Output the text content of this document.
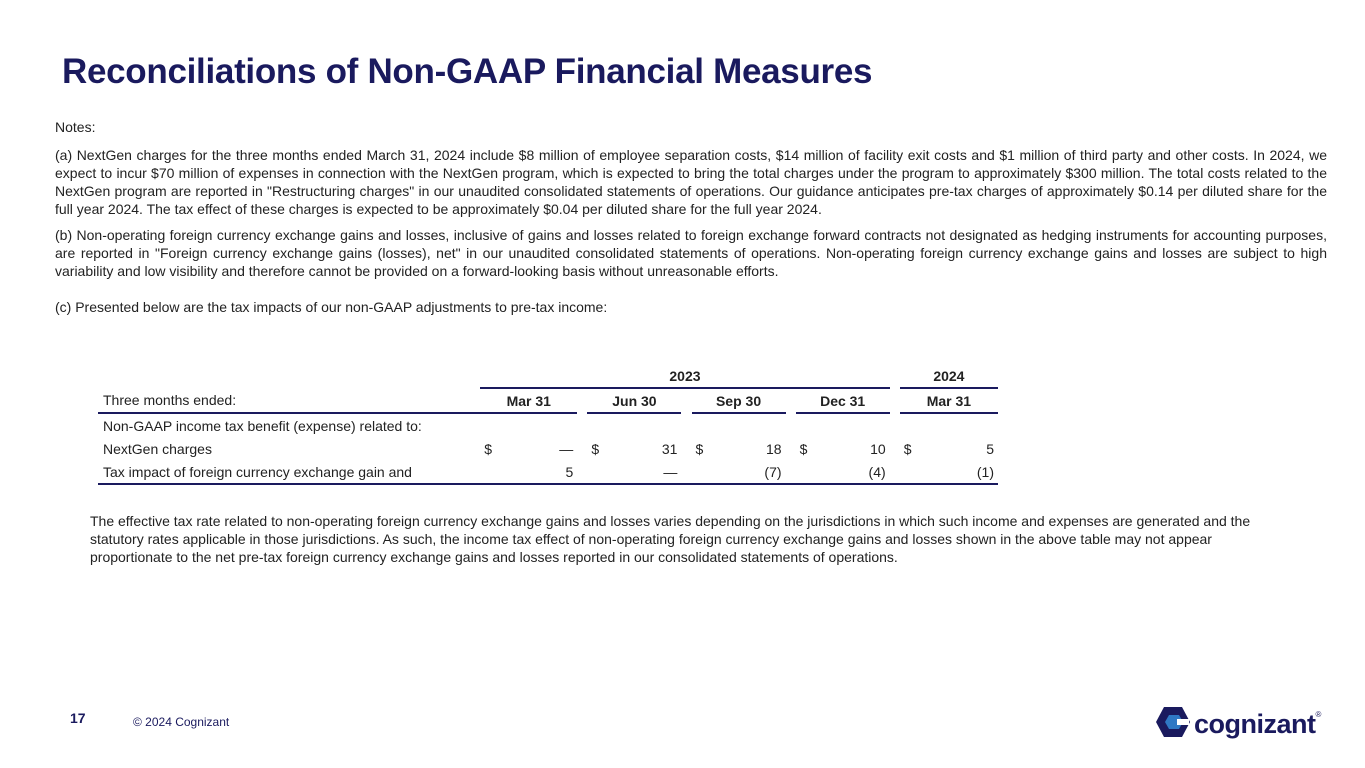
Reconciliations of Non-GAAP Financial Measures

Notes:

(a) NextGen charges for the three months ended March 31, 2024 include $8 million of employee separation costs, $14 million of facility exit costs and $1 million of third party and other costs. In 2024, we expect to incur $70 million of expenses in connection with the NextGen program, which is expected to bring the total charges under the program to approximately $300 million. The total costs related to the NextGen program are reported in "Restructuring charges" in our unaudited consolidated statements of operations. Our guidance anticipates pre-tax charges of approximately $0.14 per diluted share for the full year 2024. The tax effect of these charges is expected to be approximately $0.04 per diluted share for the full year 2024.

(b) Non-operating foreign currency exchange gains and losses, inclusive of gains and losses related to foreign exchange forward contracts not designated as hedging instruments for accounting purposes, are reported in "Foreign currency exchange gains (losses), net" in our unaudited consolidated statements of operations. Non-operating foreign currency exchange gains and losses are subject to high variability and low visibility and therefore cannot be provided on a forward-looking basis without unreasonable efforts.

(c) Presented below are the tax impacts of our non-GAAP adjustments to pre-tax income:

	2023												2024	
Three months ended:	Mar 31			Jun 30			Sep 30			Dec 31			Mar 31	
Non-GAAP income tax benefit (expense) related to:														
NextGen charges	$	—		$	31		$	18		$	10		$	5
Tax impact of foreign currency exchange gain and		5			—			(7)			(4)			(1)
The effective tax rate related to non-operating foreign currency exchange gains and losses varies depending on the jurisdictions in which such income and expenses are generated and the statutory rates applicable in those jurisdictions. As such, the income tax effect of non-operating foreign currency exchange gains and losses shown in the above table may not appear proportionate to the net pre-tax foreign currency exchange gains and losses reported in our consolidated statements of operations.
17	© 2024 Cognizant	cognizant ®
